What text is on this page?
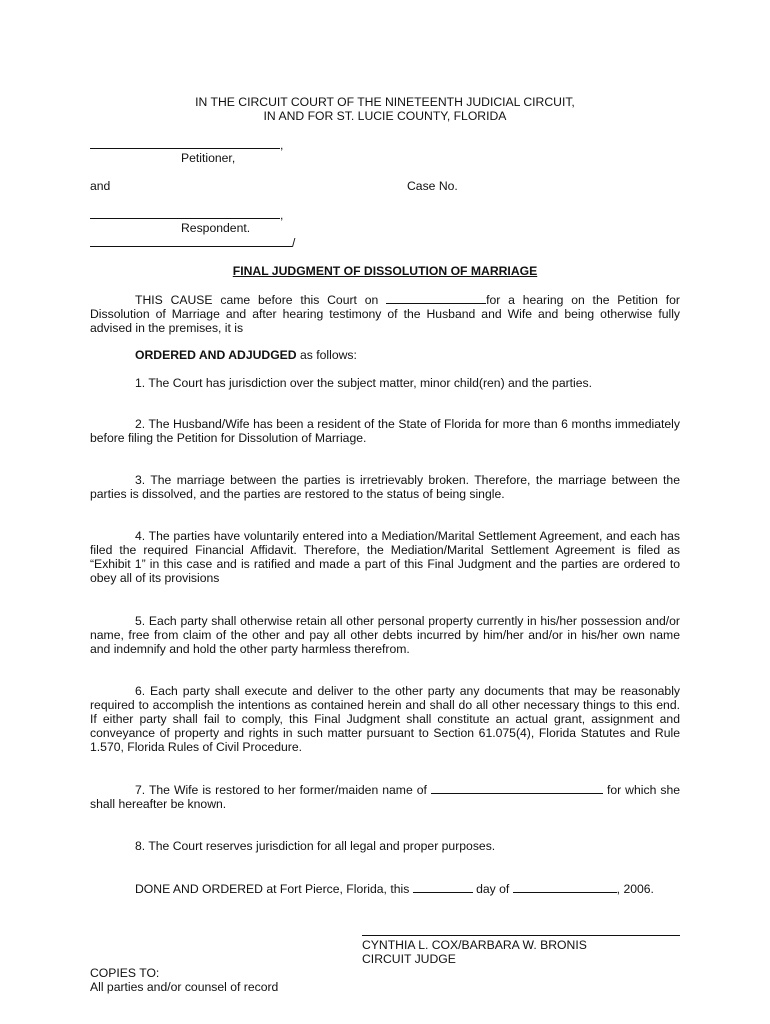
IN THE CIRCUIT COURT OF THE NINETEENTH JUDICIAL CIRCUIT,
IN AND FOR ST. LUCIE COUNTY, FLORIDA
,
Petitioner,
and	Case No.
,
Respondent.
/
FINAL JUDGMENT OF DISSOLUTION OF MARRIAGE
THIS CAUSE came before this Court on	for a hearing on the Petition for Dissolution of Marriage and after hearing testimony of the Husband and Wife and being otherwise fully advised in the premises, it is
ORDERED AND ADJUDGED as follows:
1. The Court has jurisdiction over the subject matter, minor child(ren) and the parties.
2. The Husband/Wife has been a resident of the State of Florida for more than 6 months immediately before filing the Petition for Dissolution of Marriage.
3. The marriage between the parties is irretrievably broken. Therefore, the marriage between the parties is dissolved, and the parties are restored to the status of being single.
4. The parties have voluntarily entered into a Mediation/Marital Settlement Agreement, and each has filed the required Financial Affidavit. Therefore, the Mediation/Marital Settlement Agreement is filed as “Exhibit 1” in this case and is ratified and made a part of this Final Judgment and the parties are ordered to obey all of its provisions
5. Each party shall otherwise retain all other personal property currently in his/her possession and/or name, free from claim of the other and pay all other debts incurred by him/her and/or in his/her own name and indemnify and hold the other party harmless therefrom.
6. Each party shall execute and deliver to the other party any documents that may be reasonably required to accomplish the intentions as contained herein and shall do all other necessary things to this end. If either party shall fail to comply, this Final Judgment shall constitute an actual grant, assignment and conveyance of property and rights in such matter pursuant to Section 61.075(4), Florida Statutes and Rule 1.570, Florida Rules of Civil Procedure.
7. The Wife is restored to her former/maiden name of	for which she shall hereafter be known.
8. The Court reserves jurisdiction for all legal and proper purposes.
DONE AND ORDERED at Fort Pierce, Florida, this	day of	, 2006.
CYNTHIA L. COX/BARBARA W. BRONIS
CIRCUIT JUDGE
COPIES TO:
All parties and/or counsel of record
